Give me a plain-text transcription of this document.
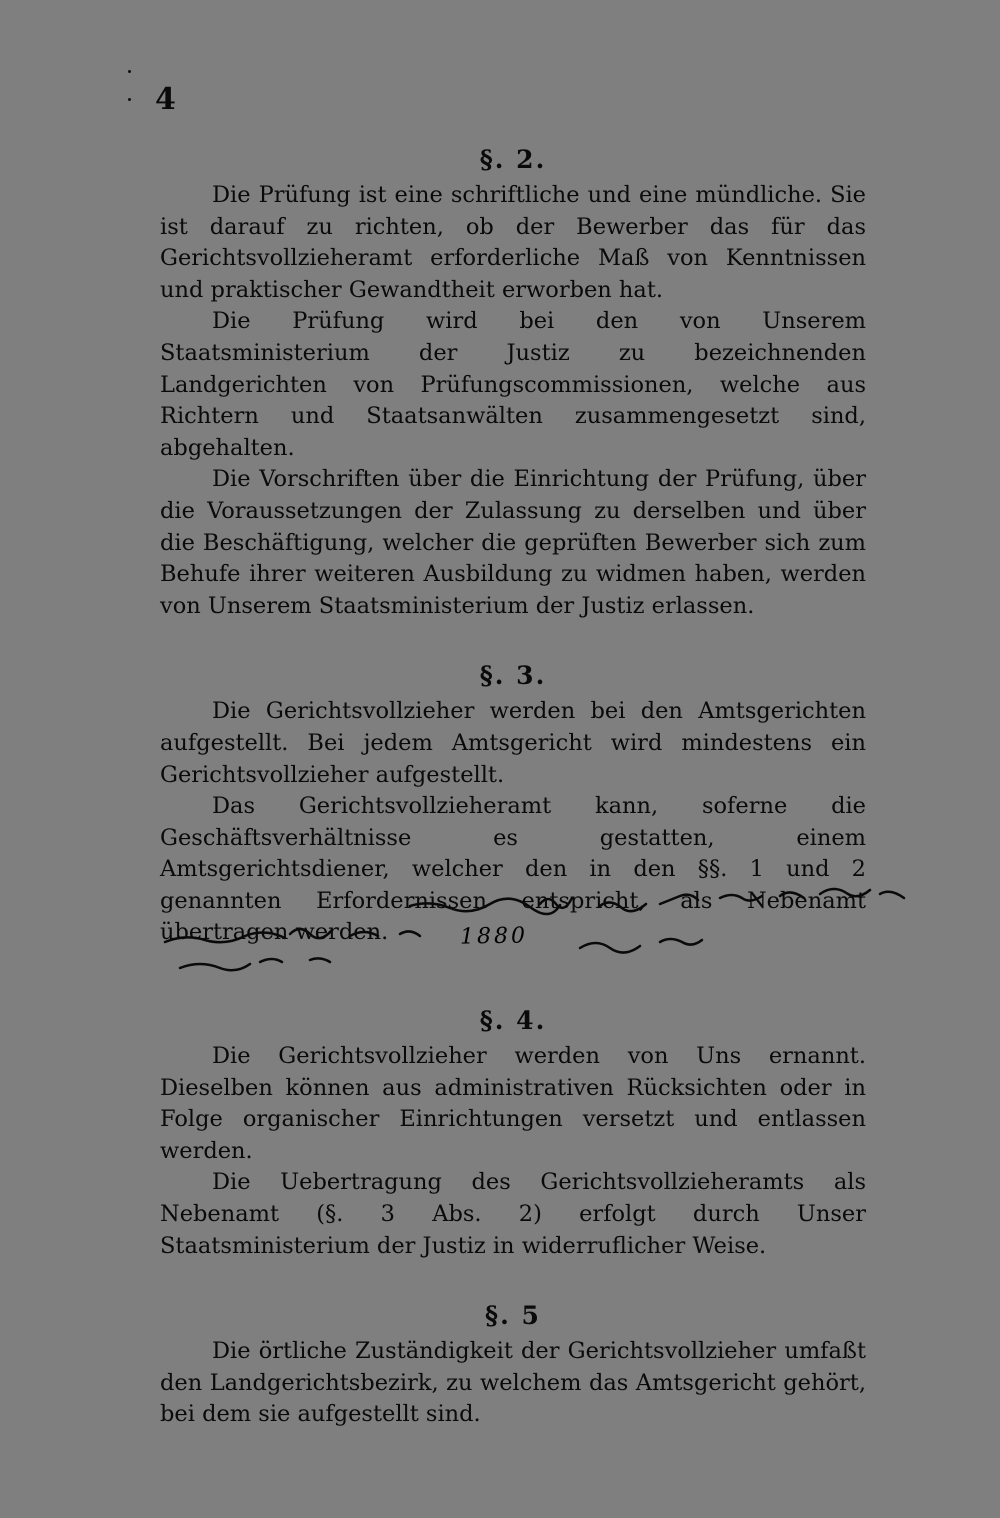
4
§. 2.

Die Prüfung ist eine schriftliche und eine mündliche. Sie ist darauf zu richten, ob der Bewerber das für das Gerichtsvollzieheramt erforderliche Maß von Kenntnissen und praktischer Gewandtheit erworben hat.

Die Prüfung wird bei den von Unserem Staatsministerium der Justiz zu bezeichnenden Landgerichten von Prüfungscommissionen, welche aus Richtern und Staatsanwälten zusammengesetzt sind, abgehalten.

Die Vorschriften über die Einrichtung der Prüfung, über die Voraussetzungen der Zulassung zu derselben und über die Beschäftigung, welcher die geprüften Bewerber sich zum Behufe ihrer weiteren Ausbildung zu widmen haben, werden von Unserem Staatsministerium der Justiz erlassen.

§. 3.

Die Gerichtsvollzieher werden bei den Amtsgerichten aufgestellt. Bei jedem Amtsgericht wird mindestens ein Gerichtsvollzieher aufgestellt.

Das Gerichtsvollzieheramt kann, soferne die Geschäftsverhältnisse es gestatten, einem Amtsgerichtsdiener, welcher den in den §§. 1 und 2 genannten Erfordernissen entspricht, als Nebenamt übertragen werden.

§. 4.

Die Gerichtsvollzieher werden von Uns ernannt. Dieselben können aus administrativen Rücksichten oder in Folge organischer Einrichtungen versetzt und entlassen werden.

Die Uebertragung des Gerichtsvollzieheramts als Nebenamt (§. 3 Abs. 2) erfolgt durch Unser Staatsministerium der Justiz in widerruflicher Weise.

§. 5

Die örtliche Zuständigkeit der Gerichtsvollzieher umfaßt den Landgerichtsbezirk, zu welchem das Amtsgericht gehört, bei dem sie aufgestellt sind.

1880
